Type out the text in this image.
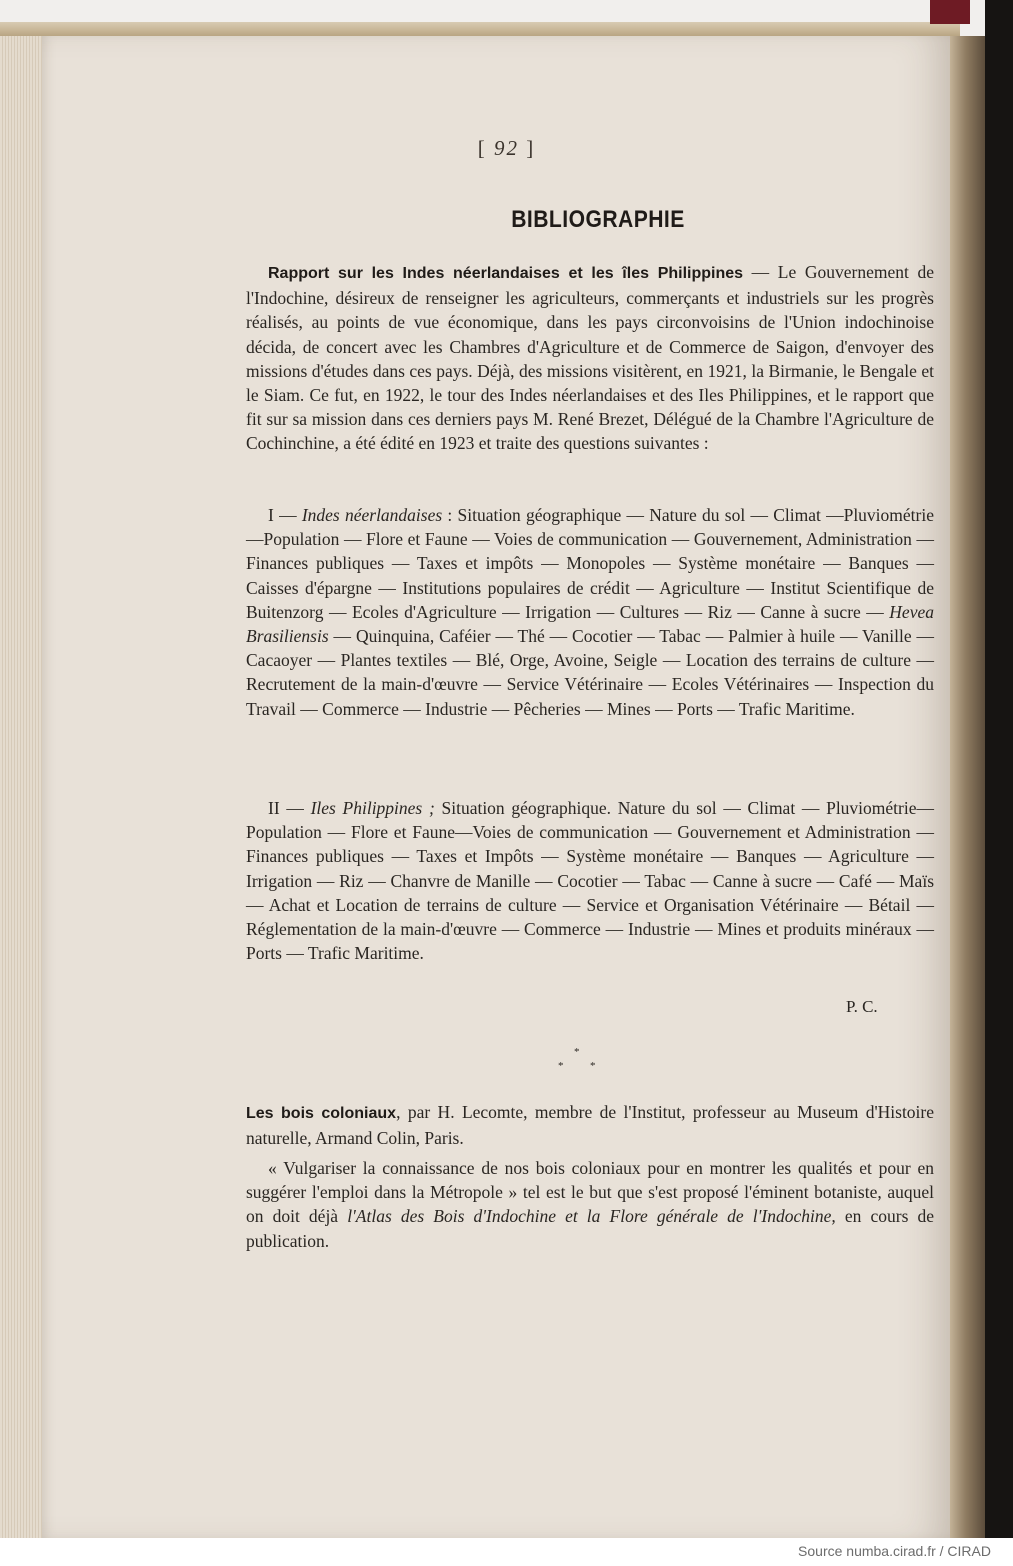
[ 92 ]
BIBLIOGRAPHIE
Rapport sur les Indes néerlandaises et les îles Philippines — Le Gouvernement de l'Indochine, désireux de renseigner les agriculteurs, commerçants et industriels sur les progrès réalisés, au points de vue économique, dans les pays circonvoisins de l'Union indochinoise décida, de concert avec les Chambres d'Agriculture et de Commerce de Saigon, d'envoyer des missions d'études dans ces pays. Déjà, des missions visitèrent, en 1921, la Birmanie, le Bengale et le Siam. Ce fut, en 1922, le tour des Indes néerlandaises et des Iles Philippines, et le rapport que fit sur sa mission dans ces derniers pays M. René Brezet, Délégué de la Chambre l'Agriculture de Cochinchine, a été édité en 1923 et traite des questions suivantes :
I — Indes néerlandaises : Situation géographique — Nature du sol — Climat —Pluviométrie —Population — Flore et Faune — Voies de communication — Gouvernement, Administration — Finances publiques — Taxes et impôts — Monopoles — Système monétaire — Banques — Caisses d'épargne — Institutions populaires de crédit — Agriculture — Institut Scientifique de Buitenzorg — Ecoles d'Agriculture — Irrigation — Cultures — Riz — Canne à sucre — Hevea Brasiliensis — Quinquina, Caféier — Thé — Cocotier — Tabac — Palmier à huile — Vanille — Cacaoyer — Plantes textiles — Blé, Orge, Avoine, Seigle — Location des terrains de culture — Recrutement de la main-d'œuvre — Service Vétérinaire — Ecoles Vétérinaires — Inspection du Travail — Commerce — Industrie — Pêcheries — Mines — Ports — Trafic Maritime.
II — Iles Philippines ; Situation géographique. Nature du sol — Climat — Pluviométrie—Population — Flore et Faune—Voies de communication — Gouvernement et Administration — Finances publiques — Taxes et Impôts — Système monétaire — Banques — Agriculture — Irrigation — Riz — Chanvre de Manille — Cocotier — Tabac — Canne à sucre — Café — Maïs — Achat et Location de terrains de culture — Service et Organisation Vétérinaire — Bétail — Réglementation de la main-d'œuvre — Commerce — Industrie — Mines et produits minéraux — Ports — Trafic Maritime.
P. C.
*
* *
Les bois coloniaux, par H. Lecomte, membre de l'Institut, professeur au Museum d'Histoire naturelle, Armand Colin, Paris.
« Vulgariser la connaissance de nos bois coloniaux pour en montrer les qualités et pour en suggérer l'emploi dans la Métropole » tel est le but que s'est proposé l'éminent botaniste, auquel on doit déjà l'Atlas des Bois d'Indochine et la Flore générale de l'Indochine, en cours de publication.
Source numba.cirad.fr / CIRAD
